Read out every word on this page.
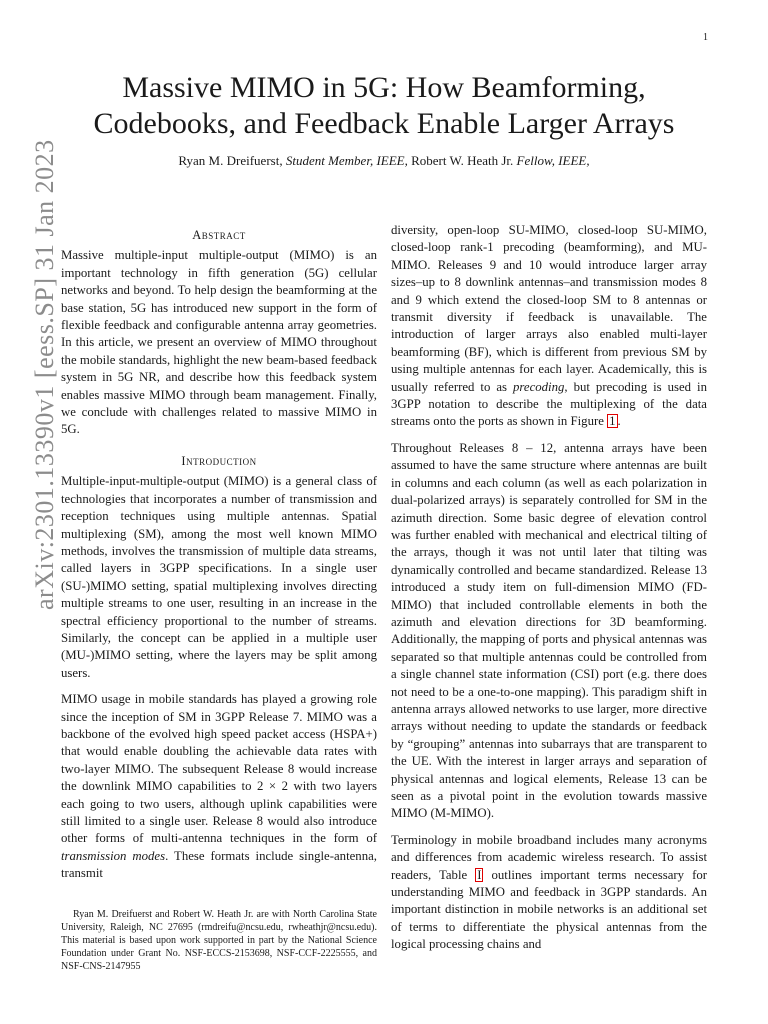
1
arXiv:2301.13390v1 [eess.SP] 31 Jan 2023
Massive MIMO in 5G: How Beamforming,
Codebooks, and Feedback Enable Larger Arrays
Ryan M. Dreifuerst, Student Member, IEEE, Robert W. Heath Jr. Fellow, IEEE,
Abstract

Massive multiple-input multiple-output (MIMO) is an important technology in fifth generation (5G) cellular networks and beyond. To help design the beamforming at the base station, 5G has introduced new support in the form of flexible feedback and configurable antenna array geometries. In this article, we present an overview of MIMO throughout the mobile standards, highlight the new beam-based feedback system in 5G NR, and describe how this feedback system enables massive MIMO through beam management. Finally, we conclude with challenges related to massive MIMO in 5G.

Introduction

Multiple-input-multiple-output (MIMO) is a general class of technologies that incorporates a number of transmission and reception techniques using multiple antennas. Spatial multiplexing (SM), among the most well known MIMO methods, involves the transmission of multiple data streams, called layers in 3GPP specifications. In a single user (SU-)MIMO setting, spatial multiplexing involves directing multiple streams to one user, resulting in an increase in the spectral efficiency proportional to the number of streams. Similarly, the concept can be applied in a multiple user (MU-)MIMO setting, where the layers may be split among users.

MIMO usage in mobile standards has played a growing role since the inception of SM in 3GPP Release 7. MIMO was a backbone of the evolved high speed packet access (HSPA+) that would enable doubling the achievable data rates with two-layer MIMO. The subsequent Release 8 would increase the downlink MIMO capabilities to 2 × 2 with two layers each going to two users, although uplink capabilities were still limited to a single user. Release 8 would also introduce other forms of multi-antenna techniques in the form of transmission modes. These formats include single-antenna, transmit

diversity, open-loop SU-MIMO, closed-loop SU-MIMO, closed-loop rank-1 precoding (beamforming), and MU-MIMO. Releases 9 and 10 would introduce larger array sizes–up to 8 downlink antennas–and transmission modes 8 and 9 which extend the closed-loop SM to 8 antennas or transmit diversity if feedback is unavailable. The introduction of larger arrays also enabled multi-layer beamforming (BF), which is different from previous SM by using multiple antennas for each layer. Academically, this is usually referred to as precoding, but precoding is used in 3GPP notation to describe the multiplexing of the data streams onto the ports as shown in Figure 1 .

Throughout Releases 8 – 12, antenna arrays have been assumed to have the same structure where antennas are built in columns and each column (as well as each polarization in dual-polarized arrays) is separately controlled for SM in the azimuth direction. Some basic degree of elevation control was further enabled with mechanical and electrical tilting of the arrays, though it was not until later that tilting was dynamically controlled and became standardized. Release 13 introduced a study item on full-dimension MIMO (FD-MIMO) that included controllable elements in both the azimuth and elevation directions for 3D beamforming. Additionally, the mapping of ports and physical antennas was separated so that multiple antennas could be controlled from a single channel state information (CSI) port (e.g. there does not need to be a one-to-one mapping). This paradigm shift in antenna arrays allowed networks to use larger, more directive arrays without needing to update the standards or feedback by “grouping” antennas into subarrays that are transparent to the UE. With the interest in larger arrays and separation of physical antennas and logical elements, Release 13 can be seen as a pivotal point in the evolution towards massive MIMO (M-MIMO).

Terminology in mobile broadband includes many acronyms and differences from academic wireless research. To assist readers, Table I outlines important terms necessary for understanding MIMO and feedback in 3GPP standards. An important distinction in mobile networks is an additional set of terms to differentiate the physical antennas from the logical processing chains and

Ryan M. Dreifuerst and Robert W. Heath Jr. are with North Carolina State University, Raleigh, NC 27695 (rmdreifu@ncsu.edu, rwheathjr@ncsu.edu). This material is based upon work supported in part by the National Science Foundation under Grant No. NSF-ECCS-2153698, NSF-CCF-2225555, and NSF-CNS-2147955
